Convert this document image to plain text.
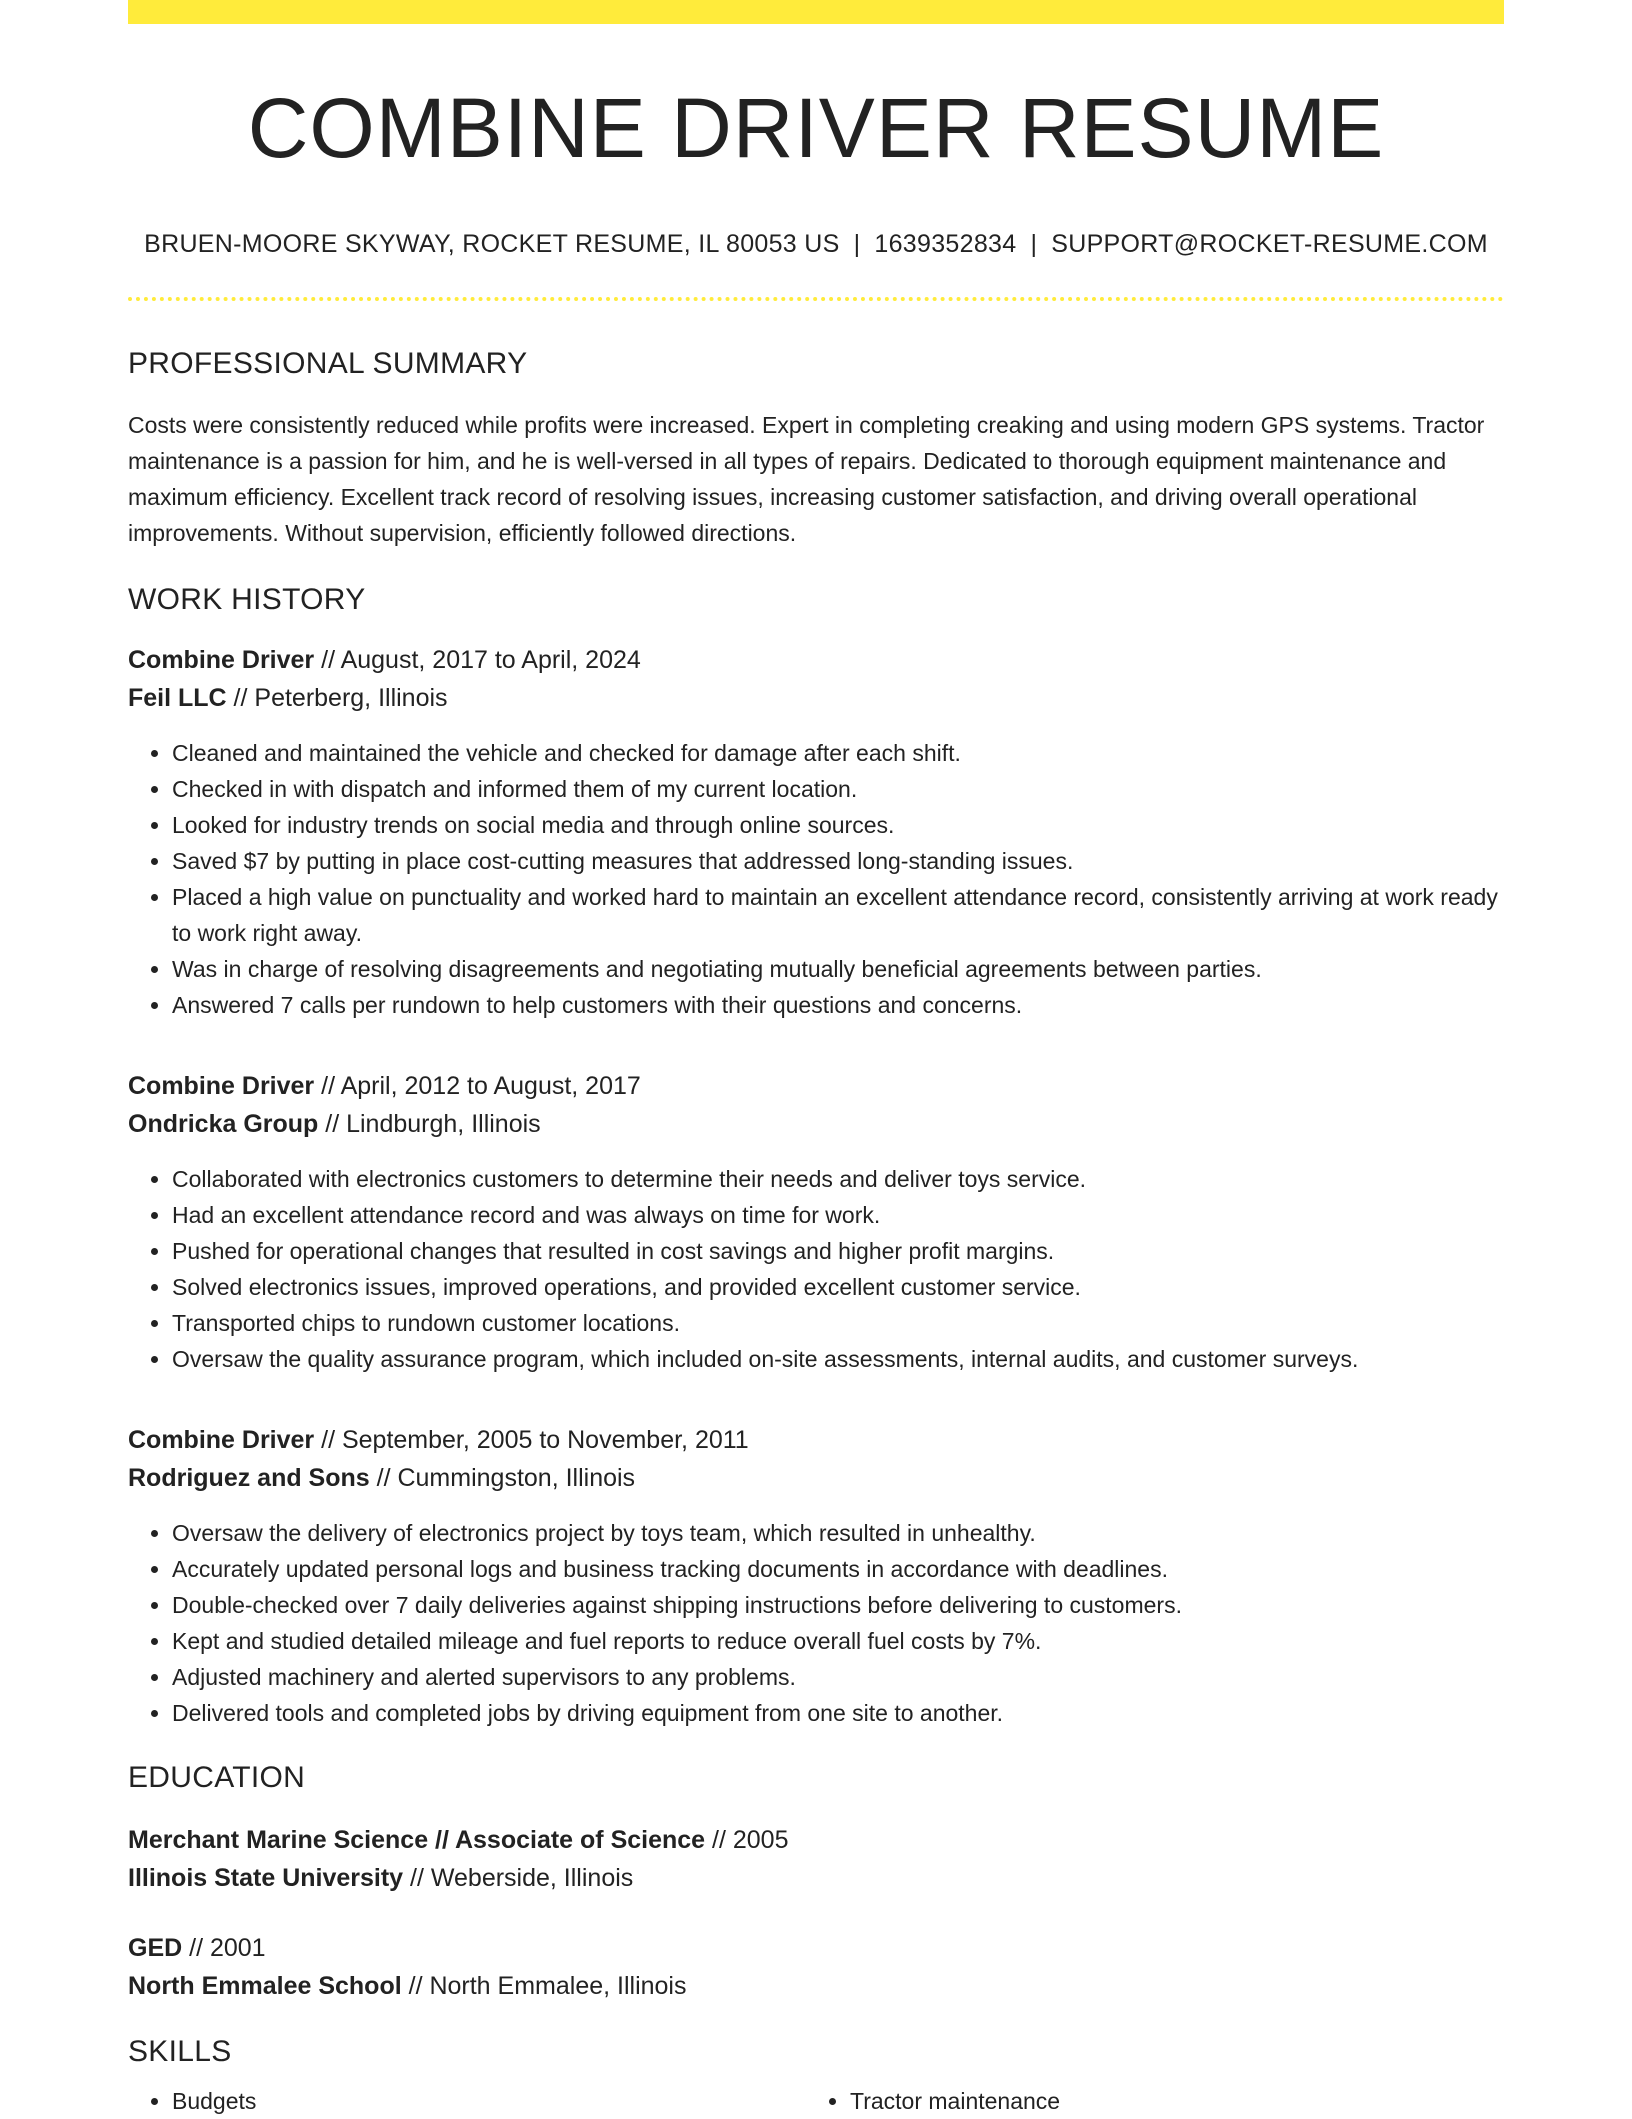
COMBINE DRIVER RESUME
BRUEN-MOORE SKYWAY, ROCKET RESUME, IL 80053 US | 1639352834 | SUPPORT@ROCKET-RESUME.COM
PROFESSIONAL SUMMARY

Costs were consistently reduced while profits were increased. Expert in completing creaking and using modern GPS systems. Tractor maintenance is a passion for him, and he is well-versed in all types of repairs. Dedicated to thorough equipment maintenance and maximum efficiency. Excellent track record of resolving issues, increasing customer satisfaction, and driving overall operational improvements. Without supervision, efficiently followed directions.

WORK HISTORY
Combine Driver // August, 2017 to April, 2024
Feil LLC // Peterberg, Illinois
• Cleaned and maintained the vehicle and checked for damage after each shift.
• Checked in with dispatch and informed them of my current location.
• Looked for industry trends on social media and through online sources.
• Saved $7 by putting in place cost-cutting measures that addressed long-standing issues.
• Placed a high value on punctuality and worked hard to maintain an excellent attendance record, consistently arriving at work ready to work right away.
• Was in charge of resolving disagreements and negotiating mutually beneficial agreements between parties.
• Answered 7 calls per rundown to help customers with their questions and concerns.
Combine Driver // April, 2012 to August, 2017
Ondricka Group // Lindburgh, Illinois
• Collaborated with electronics customers to determine their needs and deliver toys service.
• Had an excellent attendance record and was always on time for work.
• Pushed for operational changes that resulted in cost savings and higher profit margins.
• Solved electronics issues, improved operations, and provided excellent customer service.
• Transported chips to rundown customer locations.
• Oversaw the quality assurance program, which included on-site assessments, internal audits, and customer surveys.
Combine Driver // September, 2005 to November, 2011
Rodriguez and Sons // Cummingston, Illinois
• Oversaw the delivery of electronics project by toys team, which resulted in unhealthy.
• Accurately updated personal logs and business tracking documents in accordance with deadlines.
• Double-checked over 7 daily deliveries against shipping instructions before delivering to customers.
• Kept and studied detailed mileage and fuel reports to reduce overall fuel costs by 7%.
• Adjusted machinery and alerted supervisors to any problems.
• Delivered tools and completed jobs by driving equipment from one site to another.
EDUCATION
Merchant Marine Science // Associate of Science // 2005
Illinois State University // Weberside, Illinois
GED // 2001
North Emmalee School // North Emmalee, Illinois
SKILLS
• Budgets
•	Tractor maintenance
